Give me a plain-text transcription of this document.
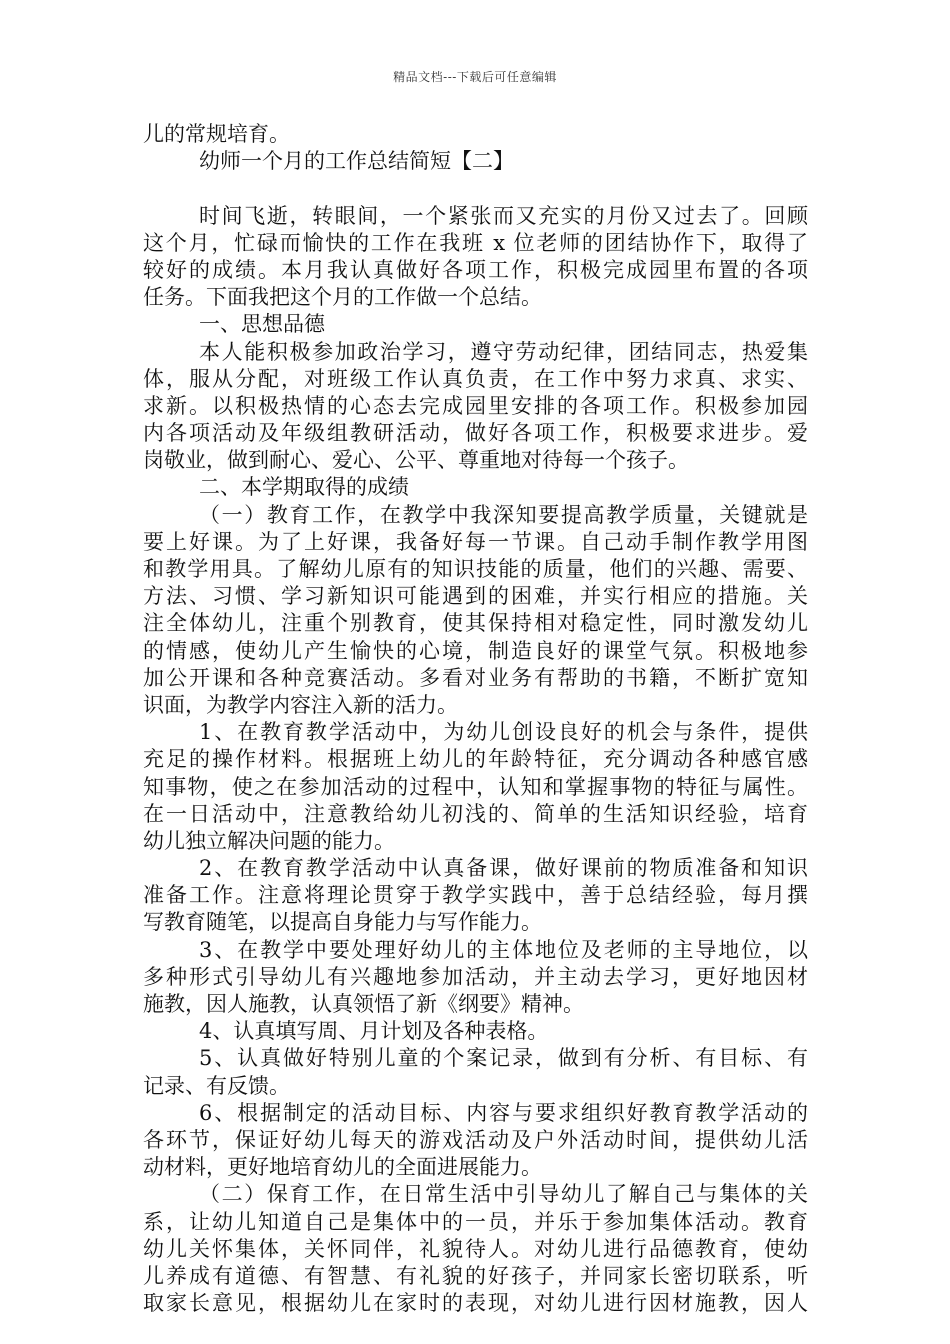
精品文档---下载后可任意编辑
儿的常规培育。
幼师一个月的工作总结简短【二】
时间飞逝，转眼间，一个紧张而又充实的月份又过去了。回顾
这个月，忙碌而愉快的工作在我班 x 位老师的团结协作下，取得了
较好的成绩。本月我认真做好各项工作，积极完成园里布置的各项
任务。下面我把这个月的工作做一个总结。
一、思想品德
本人能积极参加政治学习，遵守劳动纪律，团结同志，热爱集
体，服从分配，对班级工作认真负责，在工作中努力求真、求实、
求新。以积极热情的心态去完成园里安排的各项工作。积极参加园
内各项活动及年级组教研活动，做好各项工作，积极要求进步。爱
岗敬业，做到耐心、爱心、公平、尊重地对待每一个孩子。
二、本学期取得的成绩
（一）教育工作，在教学中我深知要提高教学质量，关键就是
要上好课。为了上好课，我备好每一节课。自己动手制作教学用图
和教学用具。了解幼儿原有的知识技能的质量，他们的兴趣、需要、
方法、习惯、学习新知识可能遇到的困难，并实行相应的措施。关
注全体幼儿，注重个别教育，使其保持相对稳定性，同时激发幼儿
的情感，使幼儿产生愉快的心境，制造良好的课堂气氛。积极地参
加公开课和各种竞赛活动。多看对业务有帮助的书籍，不断扩宽知
识面，为教学内容注入新的活力。
1、在教育教学活动中，为幼儿创设良好的机会与条件，提供
充足的操作材料。根据班上幼儿的年龄特征，充分调动各种感官感
知事物，使之在参加活动的过程中，认知和掌握事物的特征与属性。
在一日活动中，注意教给幼儿初浅的、简单的生活知识经验，培育
幼儿独立解决问题的能力。
2、在教育教学活动中认真备课，做好课前的物质准备和知识
准备工作。注意将理论贯穿于教学实践中，善于总结经验，每月撰
写教育随笔，以提高自身能力与写作能力。
3、在教学中要处理好幼儿的主体地位及老师的主导地位，以
多种形式引导幼儿有兴趣地参加活动，并主动去学习，更好地因材
施教，因人施教，认真领悟了新《纲要》精神。
4、认真填写周、月计划及各种表格。
5、认真做好特别儿童的个案记录，做到有分析、有目标、有
记录、有反馈。
6、根据制定的活动目标、内容与要求组织好教育教学活动的
各环节，保证好幼儿每天的游戏活动及户外活动时间，提供幼儿活
动材料，更好地培育幼儿的全面进展能力。
（二）保育工作，在日常生活中引导幼儿了解自己与集体的关
系，让幼儿知道自己是集体中的一员，并乐于参加集体活动。教育
幼儿关怀集体，关怀同伴，礼貌待人。对幼儿进行品德教育，使幼
儿养成有道德、有智慧、有礼貌的好孩子，并同家长密切联系，听
取家长意见，根据幼儿在家时的表现，对幼儿进行因材施教，因人
